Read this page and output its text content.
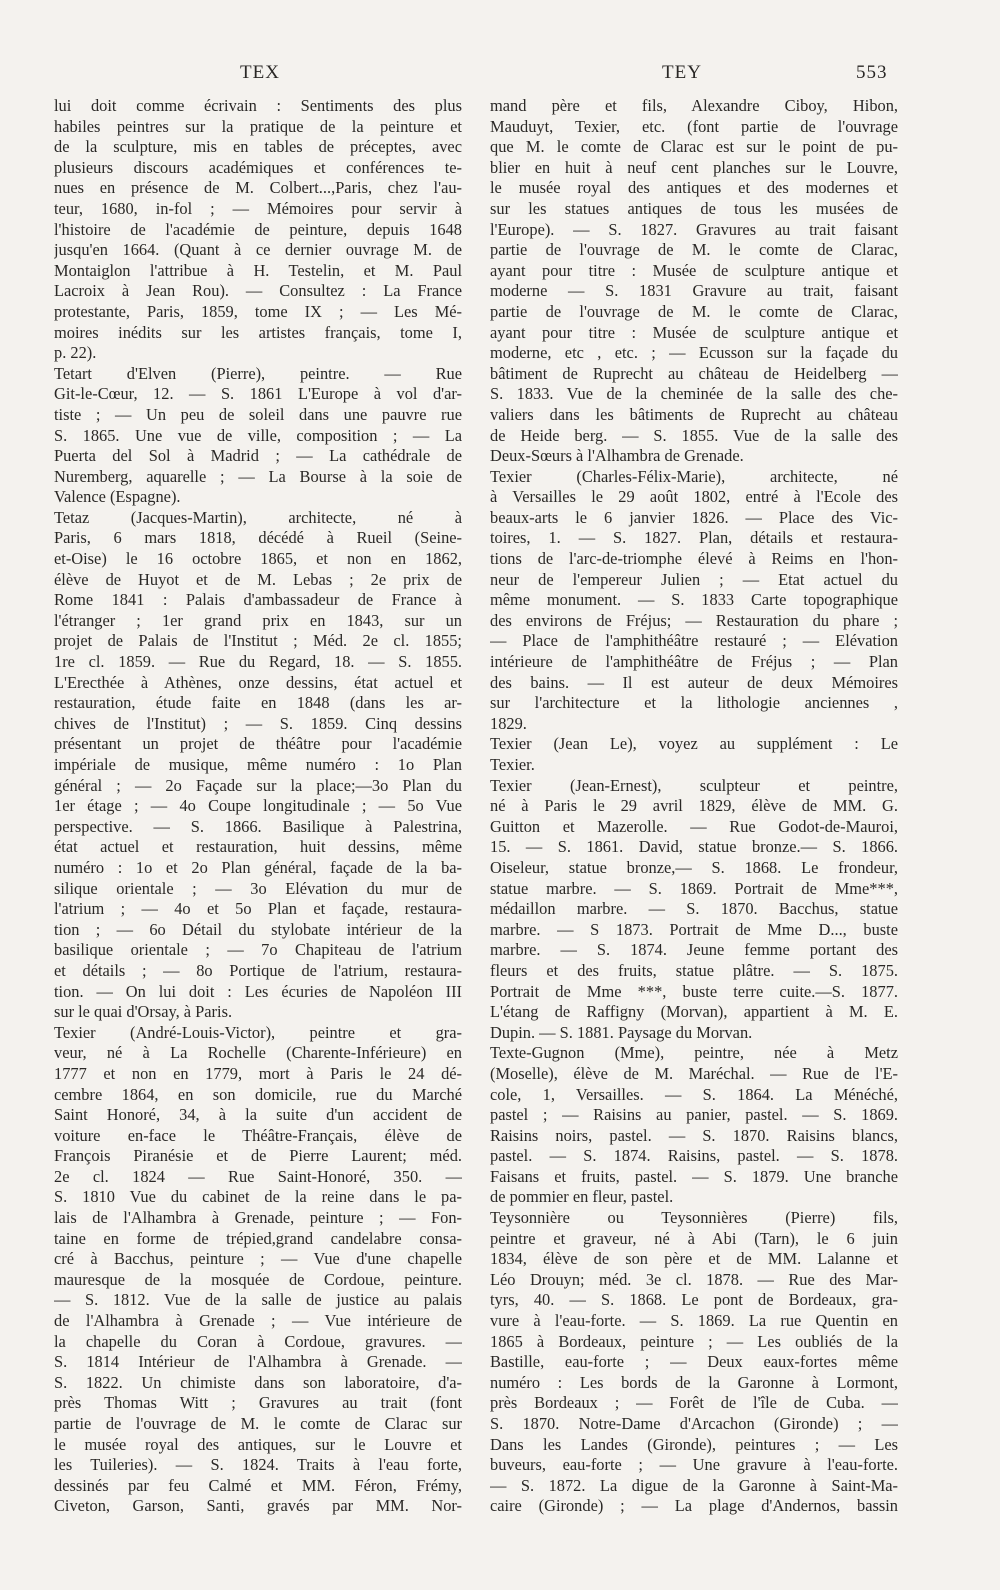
TEX	TEY	553
lui doit comme écrivain : Sentiments des plus
habiles peintres sur la pratique de la peinture et
de la sculpture, mis en tables de préceptes, avec
plusieurs discours académiques et conférences te-
nues en présence de M. Colbert...,Paris, chez l'au-
teur, 1680, in-fol ; — Mémoires pour servir à
l'histoire de l'académie de peinture, depuis 1648
jusqu'en 1664. (Quant à ce dernier ouvrage M. de
Montaiglon l'attribue à H. Testelin, et M. Paul
Lacroix à Jean Rou). — Consultez : La France
protestante, Paris, 1859, tome IX ; — Les Mé-
moires inédits sur les artistes français, tome I,
p. 22).
Tetart d'Elven (Pierre), peintre. — Rue
Git-le-Cœur, 12. — S. 1861 L'Europe à vol d'ar-
tiste ; — Un peu de soleil dans une pauvre rue
S. 1865. Une vue de ville, composition ; — La
Puerta del Sol à Madrid ; — La cathédrale de
Nuremberg, aquarelle ; — La Bourse à la soie de
Valence (Espagne).
Tetaz (Jacques-Martin), architecte, né à
Paris, 6 mars 1818, décédé à Rueil (Seine-
et-Oise) le 16 octobre 1865, et non en 1862,
élève de Huyot et de M. Lebas ; 2e prix de
Rome 1841 : Palais d'ambassadeur de France à
l'étranger ; 1er grand prix en 1843, sur un
projet de Palais de l'Institut ; Méd. 2e cl. 1855;
1re cl. 1859. — Rue du Regard, 18. — S. 1855.
L'Erecthée à Athènes, onze dessins, état actuel et
restauration, étude faite en 1848 (dans les ar-
chives de l'Institut) ; — S. 1859. Cinq dessins
présentant un projet de théâtre pour l'académie
impériale de musique, même numéro : 1o Plan
général ; — 2o Façade sur la place;—3o Plan du
1er étage ; — 4o Coupe longitudinale ; — 5o Vue
perspective. — S. 1866. Basilique à Palestrina,
état actuel et restauration, huit dessins, même
numéro : 1o et 2o Plan général, façade de la ba-
silique orientale ; — 3o Elévation du mur de
l'atrium ; — 4o et 5o Plan et façade, restaura-
tion ; — 6o Détail du stylobate intérieur de la
basilique orientale ; — 7o Chapiteau de l'atrium
et détails ; — 8o Portique de l'atrium, restaura-
tion. — On lui doit : Les écuries de Napoléon III
sur le quai d'Orsay, à Paris.
Texier (André-Louis-Victor), peintre et gra-
veur, né à La Rochelle (Charente-Inférieure) en
1777 et non en 1779, mort à Paris le 24 dé-
cembre 1864, en son domicile, rue du Marché
Saint Honoré, 34, à la suite d'un accident de
voiture en-face le Théâtre-Français, élève de
François Piranésie et de Pierre Laurent; méd.
2e cl. 1824 — Rue Saint-Honoré, 350. —
S. 1810 Vue du cabinet de la reine dans le pa-
lais de l'Alhambra à Grenade, peinture ; — Fon-
taine en forme de trépied,grand candelabre consa-
cré à Bacchus, peinture ; — Vue d'une chapelle
mauresque de la mosquée de Cordoue, peinture.
— S. 1812. Vue de la salle de justice au palais
de l'Alhambra à Grenade ; — Vue intérieure de
la chapelle du Coran à Cordoue, gravures. —
S. 1814 Intérieur de l'Alhambra à Grenade. —
S. 1822. Un chimiste dans son laboratoire, d'a-
près Thomas Witt ; Gravures au trait (font
partie de l'ouvrage de M. le comte de Clarac sur
le musée royal des antiques, sur le Louvre et
les Tuileries). — S. 1824. Traits à l'eau forte,
dessinés par feu Calmé et MM. Féron, Frémy,
Civeton, Garson, Santi, gravés par MM. Nor-
mand père et fils, Alexandre Ciboy, Hibon,
Mauduyt, Texier, etc. (font partie de l'ouvrage
que M. le comte de Clarac est sur le point de pu-
blier en huit à neuf cent planches sur le Louvre,
le musée royal des antiques et des modernes et
sur les statues antiques de tous les musées de
l'Europe). — S. 1827. Gravures au trait faisant
partie de l'ouvrage de M. le comte de Clarac,
ayant pour titre : Musée de sculpture antique et
moderne — S. 1831 Gravure au trait, faisant
partie de l'ouvrage de M. le comte de Clarac,
ayant pour titre : Musée de sculpture antique et
moderne, etc , etc. ; — Ecusson sur la façade du
bâtiment de Ruprecht au château de Heidelberg —
S. 1833. Vue de la cheminée de la salle des che-
valiers dans les bâtiments de Ruprecht au château
de Heide berg. — S. 1855. Vue de la salle des
Deux-Sœurs à l'Alhambra de Grenade.
Texier (Charles-Félix-Marie), architecte, né
à Versailles le 29 août 1802, entré à l'Ecole des
beaux-arts le 6 janvier 1826. — Place des Vic-
toires, 1. — S. 1827. Plan, détails et restaura-
tions de l'arc-de-triomphe élevé à Reims en l'hon-
neur de l'empereur Julien ; — Etat actuel du
même monument. — S. 1833 Carte topographique
des environs de Fréjus; — Restauration du phare ;
— Place de l'amphithéâtre restauré ; — Elévation
intérieure de l'amphithéâtre de Fréjus ; — Plan
des bains. — Il est auteur de deux Mémoires
sur l'architecture et la lithologie anciennes ,
1829.
Texier (Jean Le), voyez au supplément : Le
Texier.
Texier (Jean-Ernest), sculpteur et peintre,
né à Paris le 29 avril 1829, élève de MM. G.
Guitton et Mazerolle. — Rue Godot-de-Mauroi,
15. — S. 1861. David, statue bronze.— S. 1866.
Oiseleur, statue bronze,— S. 1868. Le frondeur,
statue marbre. — S. 1869. Portrait de Mme***,
médaillon marbre. — S. 1870. Bacchus, statue
marbre. — S 1873. Portrait de Mme D..., buste
marbre. — S. 1874. Jeune femme portant des
fleurs et des fruits, statue plâtre. — S. 1875.
Portrait de Mme ***, buste terre cuite.—S. 1877.
L'étang de Raffigny (Morvan), appartient à M. E.
Dupin. — S. 1881. Paysage du Morvan.
Texte-Gugnon (Mme), peintre, née à Metz
(Moselle), élève de M. Maréchal. — Rue de l'E-
cole, 1, Versailles. — S. 1864. La Ménéché,
pastel ; — Raisins au panier, pastel. — S. 1869.
Raisins noirs, pastel. — S. 1870. Raisins blancs,
pastel. — S. 1874. Raisins, pastel. — S. 1878.
Faisans et fruits, pastel. — S. 1879. Une branche
de pommier en fleur, pastel.
Teysonnière ou Teysonnières (Pierre) fils,
peintre et graveur, né à Abi (Tarn), le 6 juin
1834, élève de son père et de MM. Lalanne et
Léo Drouyn; méd. 3e cl. 1878. — Rue des Mar-
tyrs, 40. — S. 1868. Le pont de Bordeaux, gra-
vure à l'eau-forte. — S. 1869. La rue Quentin en
1865 à Bordeaux, peinture ; — Les oubliés de la
Bastille, eau-forte ; — Deux eaux-fortes même
numéro : Les bords de la Garonne à Lormont,
près Bordeaux ; — Forêt de l'île de Cuba. —
S. 1870. Notre-Dame d'Arcachon (Gironde) ; —
Dans les Landes (Gironde), peintures ; — Les
buveurs, eau-forte ; — Une gravure à l'eau-forte.
— S. 1872. La digue de la Garonne à Saint-Ma-
caire (Gironde) ; — La plage d'Andernos, bassin
